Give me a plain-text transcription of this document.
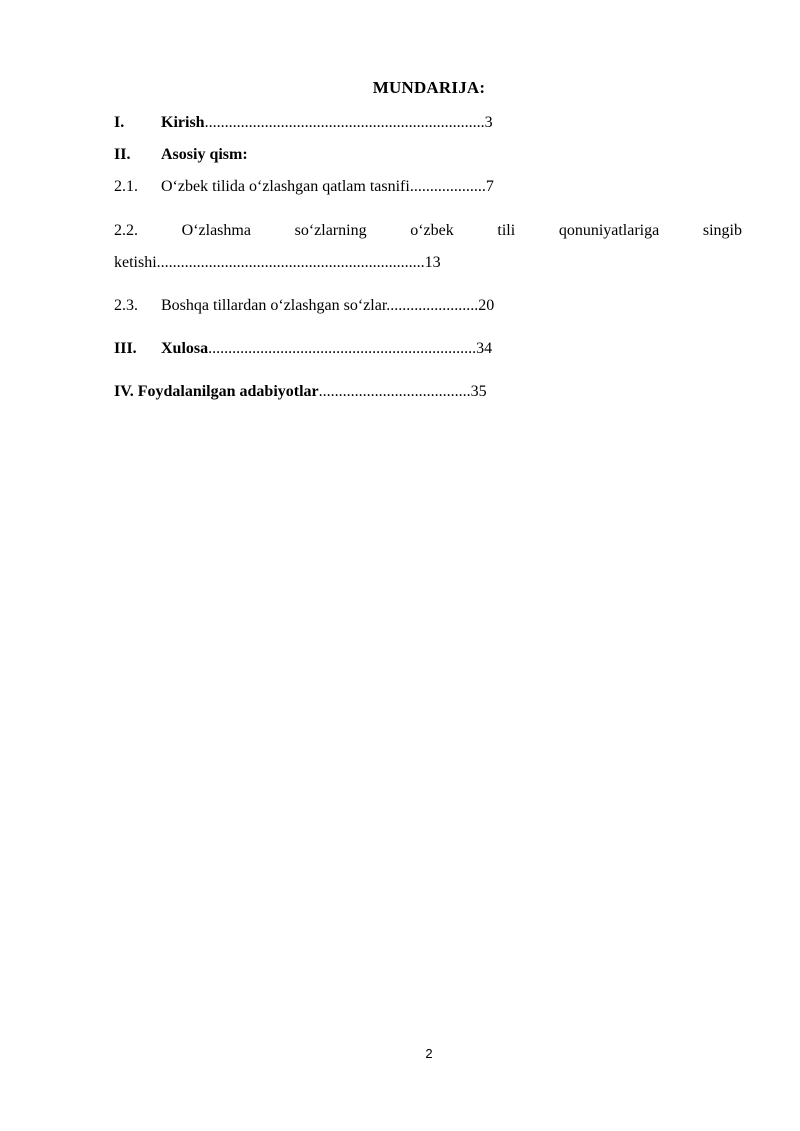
MUNDARIJA:
I. Kirish......................................................................3
II. Asosiy qism:
2.1. O‘zbek tilida o‘zlashgan qatlam tasnifi...................7
2.2.	O‘zlashma	so‘zlarning	o‘zbek	tili	qonuniyatlariga	singib
ketishi...................................................................13
2.3. Boshqa tillardan o‘zlashgan so‘zlar.......................20
III. Xulosa...................................................................34
IV. Foydalanilgan adabiyotlar......................................35
2
